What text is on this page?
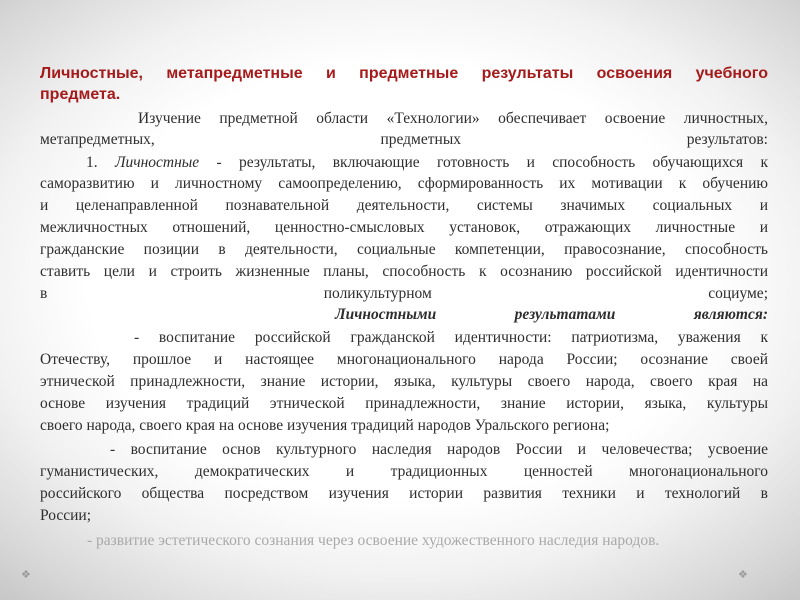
Личностные, метапредметные и предметные результаты освоения учебного
предмета.
Изучение предметной области «Технологии» обеспечивает освоение личностных,
метапредметных, предметных результатов:
1. Личностные - результаты, включающие готовность и способность обучающихся к
саморазвитию и личностному самоопределению, сформированность их мотивации к обучению
и целенаправленной познавательной деятельности, системы значимых социальных и
межличностных отношений, ценностно-смысловых установок, отражающих личностные и
гражданские позиции в деятельности, социальные компетенции, правосознание, способность
ставить цели и строить жизненные планы, способность к осознанию российской идентичности
в поликультурном социуме;
Личностными результатами являются:
- воспитание российской гражданской идентичности: патриотизма, уважения к
Отечеству, прошлое и настоящее многонационального народа России; осознание своей
этнической принадлежности, знание истории, языка, культуры своего народа, своего края на
основе изучения традиций этнической принадлежности, знание истории, языка, культуры
своего народа, своего края на основе изучения традиций народов Уральского региона;
- воспитание основ культурного наследия народов России и человечества; усвоение
гуманистических, демократических и традиционных ценностей многонационального
российского общества посредством изучения истории развития техники и технологий в
России;
- развитие эстетического сознания через освоение художественного наследия народов.
❖	❖
